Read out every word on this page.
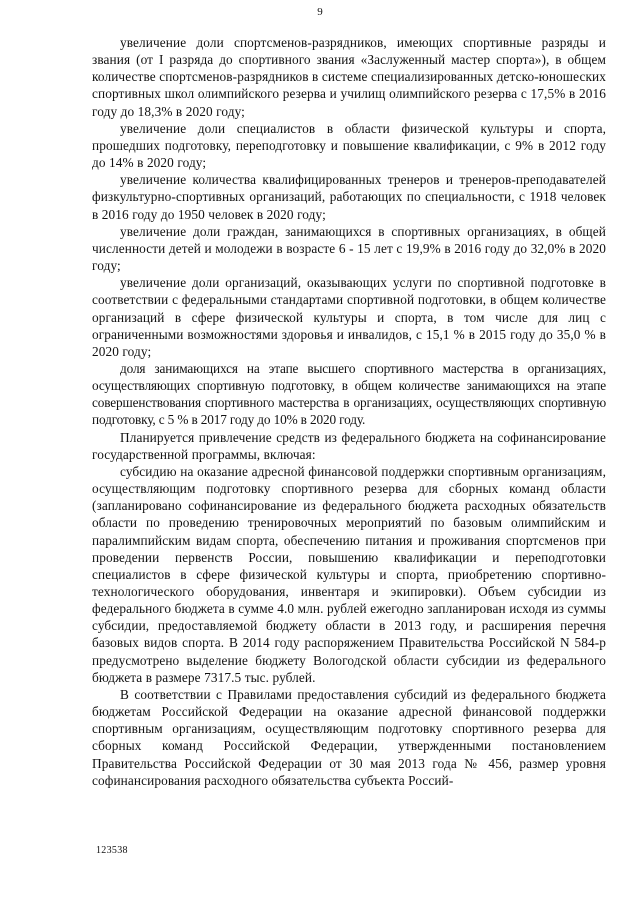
9

увеличение доли спортсменов-разрядников, имеющих спортивные разряды и звания (от I разряда до спортивного звания «Заслуженный мастер спорта»), в общем количестве спортсменов-разрядников в системе специализированных детско-юношеских спортивных школ олимпийского резерва и училищ олимпийского резерва с 17,5% в 2016 году до 18,3% в 2020 году;

увеличение доли специалистов в области физической культуры и спорта, прошедших подготовку, переподготовку и повышение квалификации, с 9% в 2012 году до 14% в 2020 году;

увеличение количества квалифицированных тренеров и тренеров-преподавателей физкультурно-спортивных организаций, работающих по специальности, с 1918 человек в 2016 году до 1950 человек в 2020 году;

увеличение доли граждан, занимающихся в спортивных организациях, в общей численности детей и молодежи в возрасте 6 - 15 лет с 19,9% в 2016 году до 32,0% в 2020 году;

увеличение доли организаций, оказывающих услуги по спортивной подготовке в соответствии с федеральными стандартами спортивной подготовки, в общем количестве организаций в сфере физической культуры и спорта, в том числе для лиц с ограниченными возможностями здоровья и инвалидов, с 15,1 % в 2015 году до 35,0 % в 2020 году;

доля занимающихся на этапе высшего спортивного мастерства в организациях, осуществляющих спортивную подготовку, в общем количестве занимающихся на этапе совершенствования спортивного мастерства в организациях, осуществляющих спортивную подготовку, с 5 % в 2017 году до 10% в 2020 году.

Планируется привлечение средств из федерального бюджета на софинансирование государственной программы, включая:

субсидию на оказание адресной финансовой поддержки спортивным организациям, осуществляющим подготовку спортивного резерва для сборных команд области (запланировано софинансирование из федерального бюджета расходных обязательств области по проведению тренировочных мероприятий по базовым олимпийским и паралимпийским видам спорта, обеспечению питания и проживания спортсменов при проведении первенств России, повышению квалификации и переподготовки специалистов в сфере физической культуры и спорта, приобретению спортивно-технологического оборудования, инвентаря и экипировки). Объем субсидии из федерального бюджета в сумме 4.0 млн. рублей ежегодно запланирован исходя из суммы субсидии, предоставляемой бюджету области в 2013 году, и расширения перечня базовых видов спорта. В 2014 году распоряжением Правительства Российской N 584-р предусмотрено выделение бюджету Вологодской области субсидии из федерального бюджета в размере 7317.5 тыс. рублей.

В соответствии с Правилами предоставления субсидий из федерального бюджета бюджетам Российской Федерации на оказание адресной финансовой поддержки спортивным организациям, осуществляющим подготовку спортивного резерва для сборных команд Российской Федерации, утвержденными постановлением Правительства Российской Федерации от 30 мая 2013 года № 456, размер уровня софинансирования расходного обязательства субъекта Россий-

123538
